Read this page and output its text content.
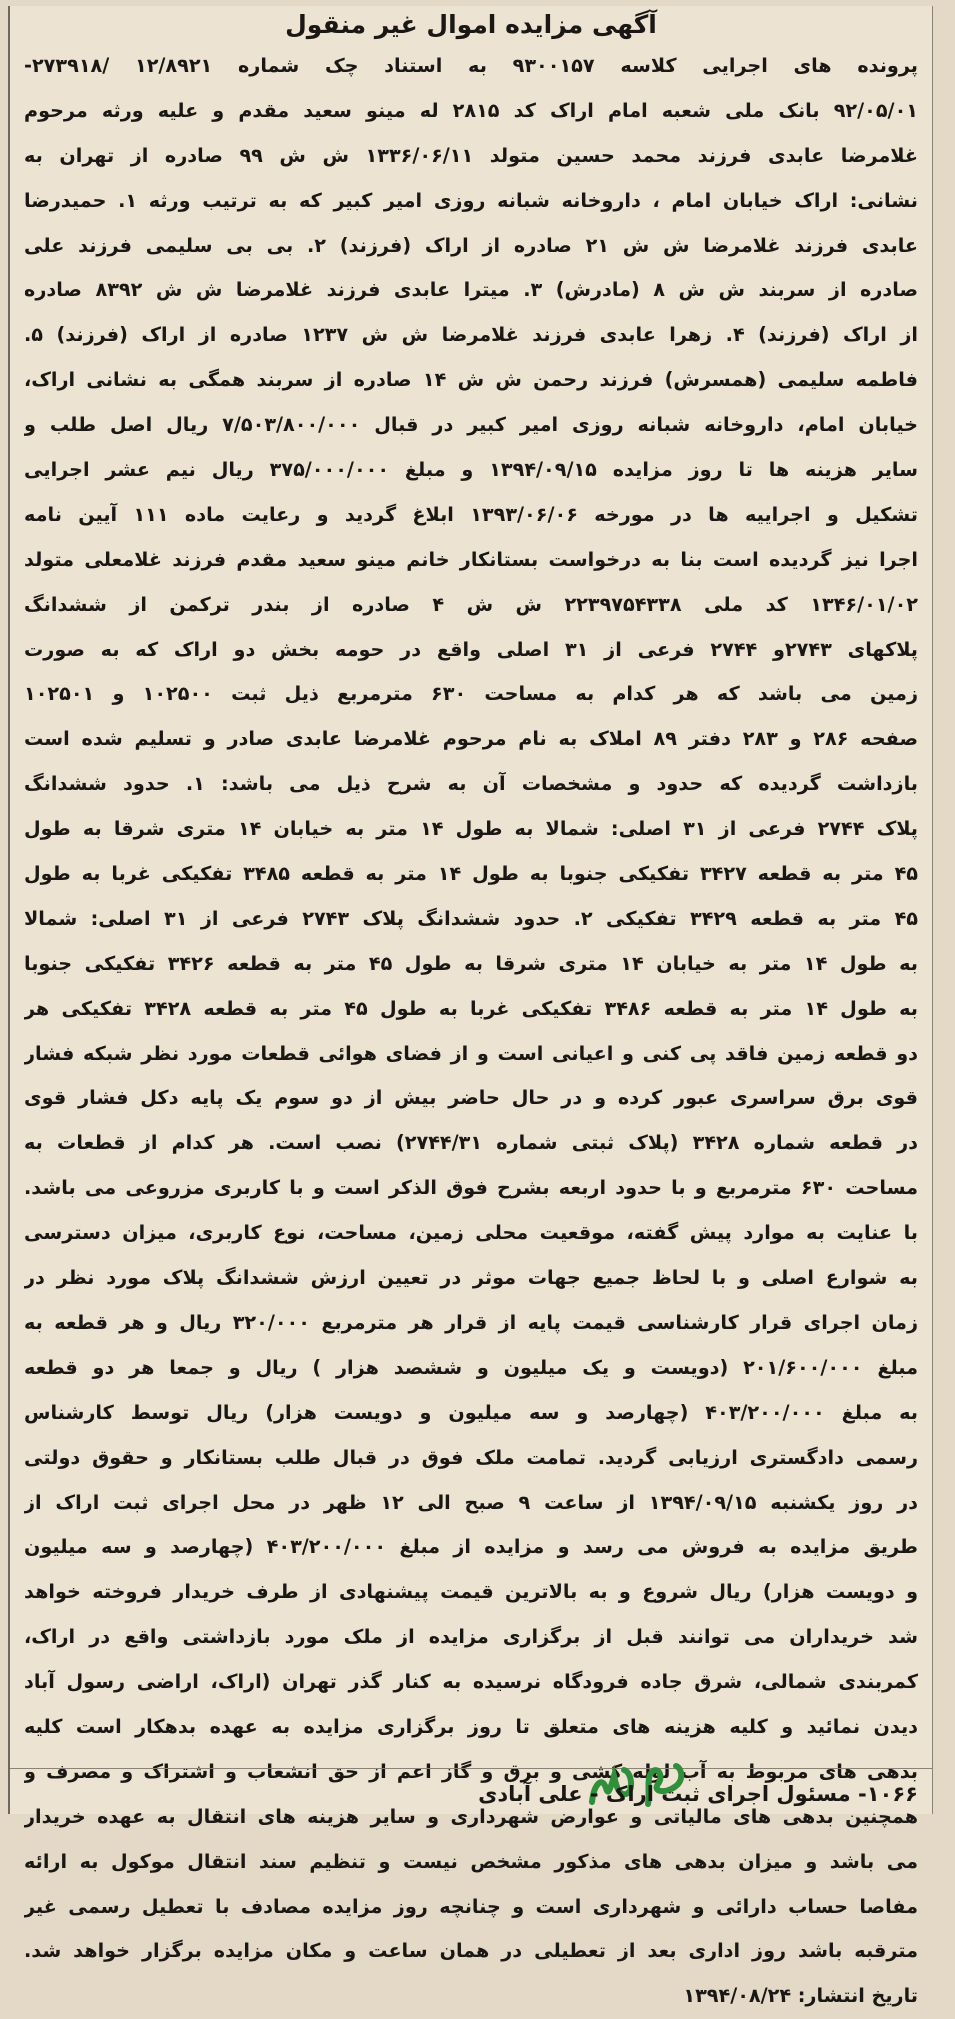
آگهی مزایده اموال غیر منقول
پرونده های اجرایی کلاسه ۹۳۰۰۱۵۷ به استناد چک شماره ۱۲/۸۹۲۱ /۲۷۳۹۱۸-
۹۲/۰۵/۰۱ بانک ملی شعبه امام اراک کد ۲۸۱۵ له مینو سعید مقدم و علیه ورثه مرحوم
غلامرضا عابدی فرزند محمد حسین متولد ۱۳۳۶/۰۶/۱۱ ش ش ۹۹ صادره از تهران به
نشانی: اراک خیابان امام ، داروخانه شبانه روزی امیر کبیر که به ترتیب ورثه ۱. حمیدرضا
عابدی فرزند غلامرضا ش ش ۲۱ صادره از اراک (فرزند) ۲. بی بی سلیمی فرزند علی
صادره از سربند ش ش ۸ (مادرش) ۳. میترا عابدی فرزند غلامرضا ش ش ۸۳۹۲ صادره
از اراک (فرزند) ۴. زهرا عابدی فرزند غلامرضا ش ش ۱۲۳۷ صادره از اراک (فرزند) ۵.
فاطمه سلیمی (همسرش) فرزند رحمن ش ش ۱۴ صادره از سربند همگی به نشانی اراک،
خیابان امام، داروخانه شبانه روزی امیر کبیر در قبال ۷/۵۰۳/۸۰۰/۰۰۰ ریال اصل طلب و
سایر هزینه ها تا روز مزایده ۱۳۹۴/۰۹/۱۵ و مبلغ ۳۷۵/۰۰۰/۰۰۰ ریال نیم عشر اجرایی
تشکیل و اجراییه ها در مورخه ۱۳۹۳/۰۶/۰۶ ابلاغ گردید و رعایت ماده ۱۱۱ آیین نامه
اجرا نیز گردیده است بنا به درخواست بستانکار خانم مینو سعید مقدم فرزند غلامعلی متولد
۱۳۴۶/۰۱/۰۲ کد ملی ۲۲۳۹۷۵۴۳۳۸ ش ش ۴ صادره از بندر ترکمن از ششدانگ
پلاکهای ۲۷۴۳و ۲۷۴۴ فرعی از ۳۱ اصلی واقع در حومه بخش دو اراک که به صورت
زمین می باشد که هر کدام به مساحت ۶۳۰ مترمربع ذیل ثبت ۱۰۲۵۰۰ و ۱۰۲۵۰۱
صفحه ۲۸۶ و ۲۸۳ دفتر ۸۹ املاک به نام مرحوم غلامرضا عابدی صادر و تسلیم شده است
بازداشت گردیده که حدود و مشخصات آن به شرح ذیل می باشد: ۱. حدود ششدانگ
پلاک ۲۷۴۴ فرعی از ۳۱ اصلی: شمالا به طول ۱۴ متر به خیابان ۱۴ متری شرقا به طول
۴۵ متر به قطعه ۳۴۲۷ تفکیکی جنوبا به طول ۱۴ متر به قطعه ۳۴۸۵ تفکیکی غربا به طول
۴۵ متر به قطعه ۳۴۲۹ تفکیکی ۲. حدود ششدانگ پلاک ۲۷۴۳ فرعی از ۳۱ اصلی: شمالا
به طول ۱۴ متر به خیابان ۱۴ متری شرقا به طول ۴۵ متر به قطعه ۳۴۲۶ تفکیکی جنوبا
به طول ۱۴ متر به قطعه ۳۴۸۶ تفکیکی غربا به طول ۴۵ متر به قطعه ۳۴۲۸ تفکیکی هر
دو قطعه زمین فاقد پی کنی و اعیانی است و از فضای هوائی قطعات مورد نظر شبکه فشار
قوی برق سراسری عبور کرده و در حال حاضر بیش از دو سوم یک پایه دکل فشار قوی
در قطعه شماره ۳۴۲۸ (پلاک ثبتی شماره ۲۷۴۴/۳۱) نصب است. هر کدام از قطعات به
مساحت ۶۳۰ مترمربع و با حدود اربعه بشرح فوق الذکر است و با کاربری مزروعی می باشد.
با عنایت به موارد پیش گفته، موقعیت محلی زمین، مساحت، نوع کاربری، میزان دسترسی
به شوارع اصلی و با لحاظ جمیع جهات موثر در تعیین ارزش ششدانگ پلاک مورد نظر در
زمان اجرای قرار کارشناسی قیمت پایه از قرار هر مترمربع ۳۲۰/۰۰۰ ریال و هر قطعه به
مبلغ ۲۰۱/۶۰۰/۰۰۰ (دویست و یک میلیون و ششصد هزار ) ریال و جمعا هر دو قطعه
به مبلغ ۴۰۳/۲۰۰/۰۰۰ (چهارصد و سه میلیون و دویست هزار) ریال توسط کارشناس
رسمی دادگستری ارزیابی گردید. تمامت ملک فوق در قبال طلب بستانکار و حقوق دولتی
در روز یکشنبه ۱۳۹۴/۰۹/۱۵ از ساعت ۹ صبح الی ۱۲ ظهر در محل اجرای ثبت اراک از
طریق مزایده به فروش می رسد و مزایده از مبلغ ۴۰۳/۲۰۰/۰۰۰ (چهارصد و سه میلیون
و دویست هزار) ریال شروع و به بالاترین قیمت پیشنهادی از طرف خریدار فروخته خواهد
شد خریداران می توانند قبل از برگزاری مزایده از ملک مورد بازداشتی واقع در اراک،
کمربندی شمالی، شرق جاده فرودگاه نرسیده به کنار گذر تهران (اراک، اراضی رسول آباد
دیدن نمائید و کلیه هزینه های متعلق تا روز برگزاری مزایده به عهده بدهکار است کلیه
بدهی های مربوط به آب لوله کشی و برق و گاز اعم از حق انشعاب و اشتراک و مصرف و
همچنین بدهی های مالیاتی و عوارض شهرداری و سایر هزینه های انتقال به عهده خریدار
می باشد و میزان بدهی های مذکور مشخص نیست و تنظیم سند انتقال موکول به ارائه
مفاصا حساب دارائی و شهرداری است و چنانچه روز مزایده مصادف با تعطیل رسمی غیر
مترقبه باشد روز اداری بعد از تعطیلی در همان ساعت و مکان مزایده برگزار خواهد شد.
تاریخ انتشار: ۱۳۹۴/۰۸/۲۴
۱۰۶۶- مسئول اجرای ثبت اراک - علی آبادی
